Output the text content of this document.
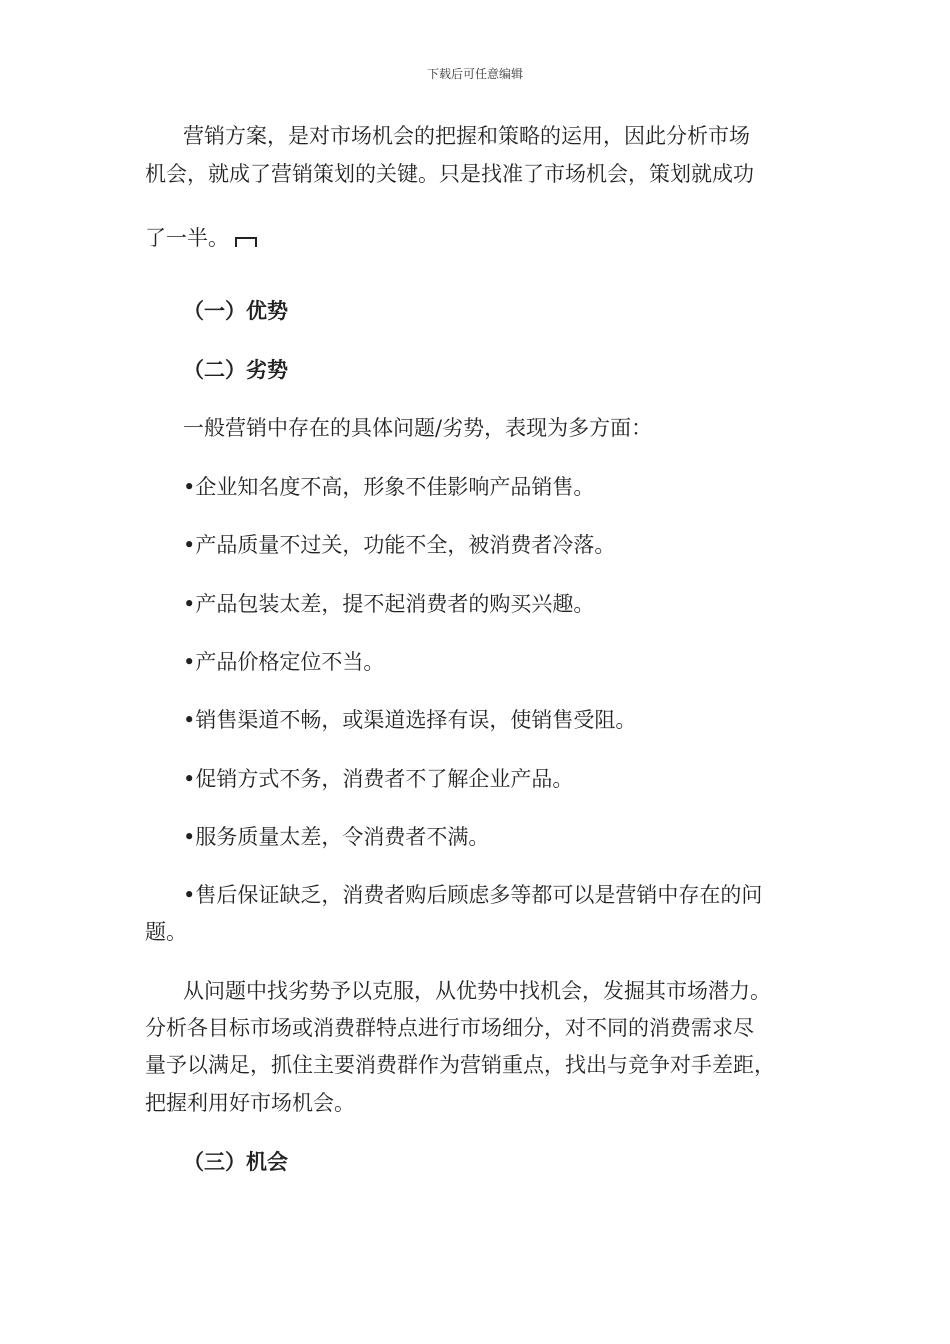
下载后可任意编辑

营销方案，是对市场机会的把握和策略的运用，因此分析市场

机会，就成了营销策划的关键。只是找准了市场机会，策划就成功

了一半。

（一）优势

（二）劣势

一般营销中存在的具体问题/劣势，表现为多方面：

•企业知名度不高，形象不佳影响产品销售。

•产品质量不过关，功能不全，被消费者冷落。

•产品包装太差，提不起消费者的购买兴趣。

•产品价格定位不当。

•销售渠道不畅，或渠道选择有误，使销售受阻。

•促销方式不务，消费者不了解企业产品。

•服务质量太差，令消费者不满。

•售后保证缺乏，消费者购后顾虑多等都可以是营销中存在的问

题。

从问题中找劣势予以克服，从优势中找机会，发掘其市场潜力。

分析各目标市场或消费群特点进行市场细分，对不同的消费需求尽

量予以满足，抓住主要消费群作为营销重点，找出与竞争对手差距，

把握利用好市场机会。

（三）机会
